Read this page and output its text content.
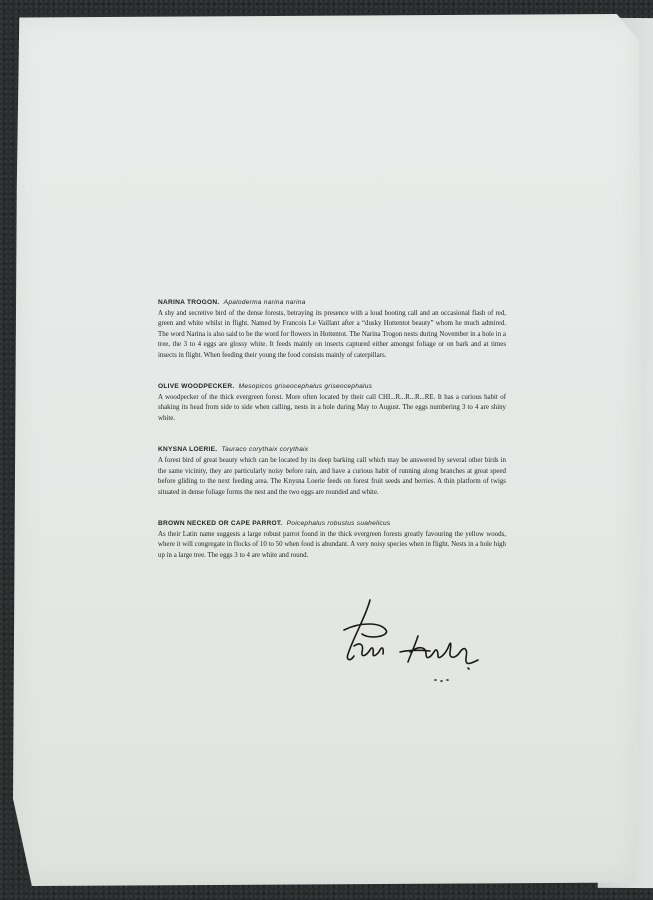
NARINA TROGON. Apaloderma narina narina
A shy and secretive bird of the dense forests, betraying its presence with a loud hooting call and an occasional flash of red, green and white whilst in flight. Named by Francois Le Vaillant after a “dusky Hottentot beauty” whom he much admired. The word Narina is also said to be the word for flowers in Hottentot. The Narina Trogon nests during November in a hole in a tree, the 3 to 4 eggs are glossy white. It feeds mainly on insects captured either amongst foliage or on bark and at times insects in flight. When feeding their young the food consists mainly of caterpillars.
OLIVE WOODPECKER. Mesopicos griseocephalus griseocephalus
A woodpecker of the thick evergreen forest. More often located by their call CHI...R...R...R...RE. It has a curious habit of shaking its head from side to side when calling, nests in a hole during May to August. The eggs numbering 3 to 4 are shiny white.
KNYSNA LOERIE. Tauraco corythaix corythaix
A forest bird of great beauty which can be located by its deep barking call which may be answered by several other birds in the same vicinity, they are particularly noisy before rain, and have a curious habit of running along branches at great speed before gliding to the next feeding area. The Knysna Loerie feeds on forest fruit seeds and berries. A thin platform of twigs situated in dense foliage forms the nest and the two eggs are rounded and white.
BROWN NECKED OR CAPE PARROT. Poicephalus robustus suahelicus
As their Latin name suggests a large robust parrot found in the thick evergreen forests greatly favouring the yellow woods, where it will congregate in flocks of 10 to 50 when food is abundant. A very noisy species when in flight. Nests in a hole high up in a large tree. The eggs 3 to 4 are white and round.
